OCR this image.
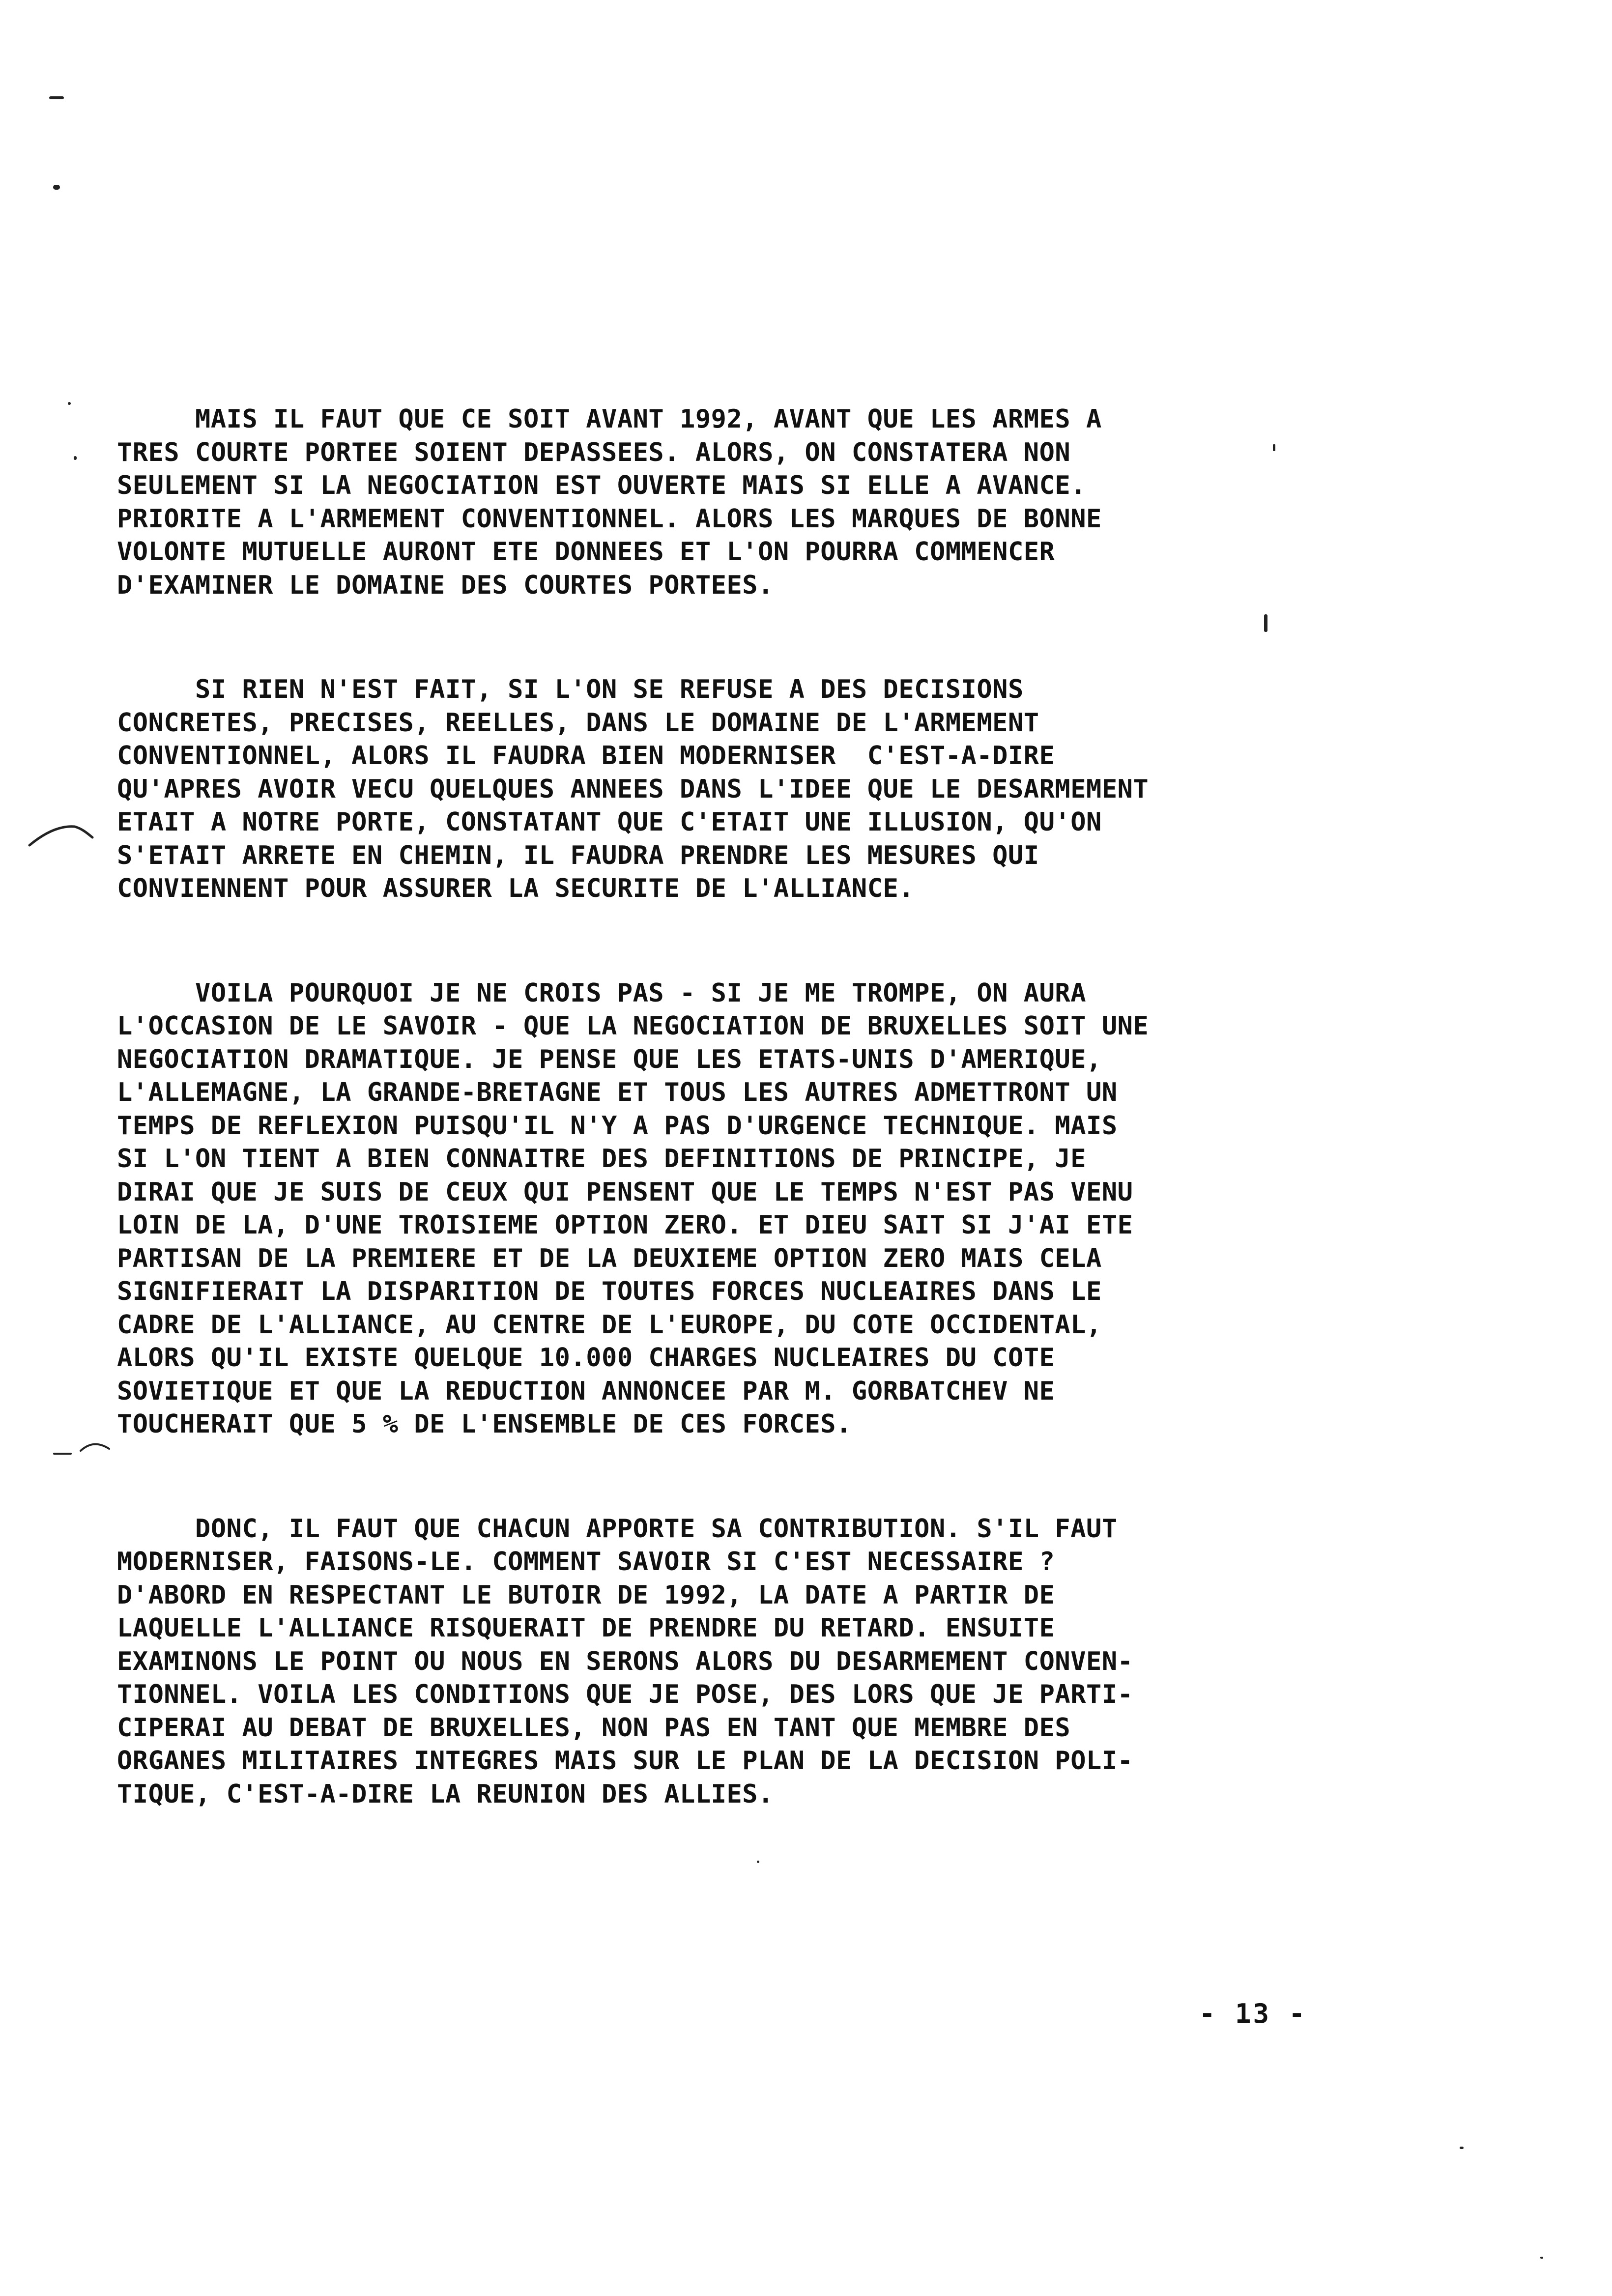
MAIS IL FAUT QUE CE SOIT AVANT 1992, AVANT QUE LES ARMES A
TRES COURTE PORTEE SOIENT DEPASSEES. ALORS, ON CONSTATERA NON
SEULEMENT SI LA NEGOCIATION EST OUVERTE MAIS SI ELLE A AVANCE.
PRIORITE A L'ARMEMENT CONVENTIONNEL. ALORS LES MARQUES DE BONNE
VOLONTE MUTUELLE AURONT ETE DONNEES ET L'ON POURRA COMMENCER
D'EXAMINER LE DOMAINE DES COURTES PORTEES.

SI RIEN N'EST FAIT, SI L'ON SE REFUSE A DES DECISIONS
CONCRETES, PRECISES, REELLES, DANS LE DOMAINE DE L'ARMEMENT
CONVENTIONNEL, ALORS IL FAUDRA BIEN MODERNISER  C'EST-A-DIRE
QU'APRES AVOIR VECU QUELQUES ANNEES DANS L'IDEE QUE LE DESARMEMENT
ETAIT A NOTRE PORTE, CONSTATANT QUE C'ETAIT UNE ILLUSION, QU'ON
S'ETAIT ARRETE EN CHEMIN, IL FAUDRA PRENDRE LES MESURES QUI
CONVIENNENT POUR ASSURER LA SECURITE DE L'ALLIANCE.

VOILA POURQUOI JE NE CROIS PAS - SI JE ME TROMPE, ON AURA
L'OCCASION DE LE SAVOIR - QUE LA NEGOCIATION DE BRUXELLES SOIT UNE
NEGOCIATION DRAMATIQUE. JE PENSE QUE LES ETATS-UNIS D'AMERIQUE,
L'ALLEMAGNE, LA GRANDE-BRETAGNE ET TOUS LES AUTRES ADMETTRONT UN
TEMPS DE REFLEXION PUISQU'IL N'Y A PAS D'URGENCE TECHNIQUE. MAIS
SI L'ON TIENT A BIEN CONNAITRE DES DEFINITIONS DE PRINCIPE, JE
DIRAI QUE JE SUIS DE CEUX QUI PENSENT QUE LE TEMPS N'EST PAS VENU
LOIN DE LA, D'UNE TROISIEME OPTION ZERO. ET DIEU SAIT SI J'AI ETE
PARTISAN DE LA PREMIERE ET DE LA DEUXIEME OPTION ZERO MAIS CELA
SIGNIFIERAIT LA DISPARITION DE TOUTES FORCES NUCLEAIRES DANS LE
CADRE DE L'ALLIANCE, AU CENTRE DE L'EUROPE, DU COTE OCCIDENTAL,
ALORS QU'IL EXISTE QUELQUE 10.000 CHARGES NUCLEAIRES DU COTE
SOVIETIQUE ET QUE LA REDUCTION ANNONCEE PAR M. GORBATCHEV NE
TOUCHERAIT QUE 5 % DE L'ENSEMBLE DE CES FORCES.

DONC, IL FAUT QUE CHACUN APPORTE SA CONTRIBUTION. S'IL FAUT
MODERNISER, FAISONS-LE. COMMENT SAVOIR SI C'EST NECESSAIRE ?
D'ABORD EN RESPECTANT LE BUTOIR DE 1992, LA DATE A PARTIR DE
LAQUELLE L'ALLIANCE RISQUERAIT DE PRENDRE DU RETARD. ENSUITE
EXAMINONS LE POINT OU NOUS EN SERONS ALORS DU DESARMEMENT CONVEN-
TIONNEL. VOILA LES CONDITIONS QUE JE POSE, DES LORS QUE JE PARTI-
CIPERAI AU DEBAT DE BRUXELLES, NON PAS EN TANT QUE MEMBRE DES
ORGANES MILITAIRES INTEGRES MAIS SUR LE PLAN DE LA DECISION POLI-
TIQUE, C'EST-A-DIRE LA REUNION DES ALLIES.

- 13 -
